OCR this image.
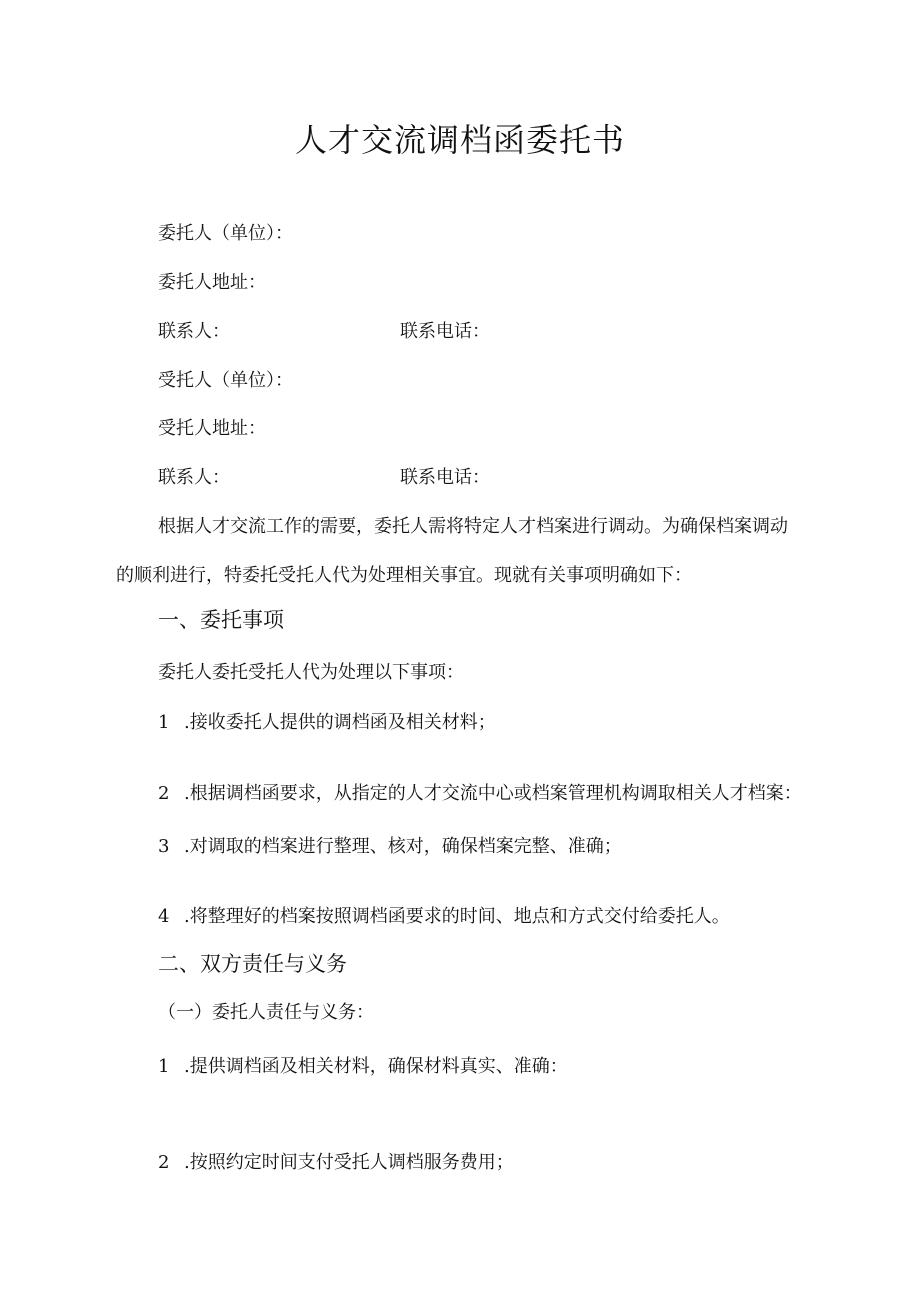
人才交流调档函委托书
委托人（单位）：
委托人地址：
联系人：	联系电话：
受托人（单位）：
受托人地址：
联系人：	联系电话：
根据人才交流工作的需要，委托人需将特定人才档案进行调动。为确保档案调动
的顺利进行，特委托受托人代为处理相关事宜。现就有关事项明确如下：
一、委托事项
委托人委托受托人代为处理以下事项：
1 .接收委托人提供的调档函及相关材料；
2 .根据调档函要求，从指定的人才交流中心或档案管理机构调取相关人才档案：
3 .对调取的档案进行整理、核对，确保档案完整、准确；
4 .将整理好的档案按照调档函要求的时间、地点和方式交付给委托人。
二、双方责任与义务
（一）委托人责任与义务：
1 .提供调档函及相关材料，确保材料真实、准确：
2 .按照约定时间支付受托人调档服务费用；
